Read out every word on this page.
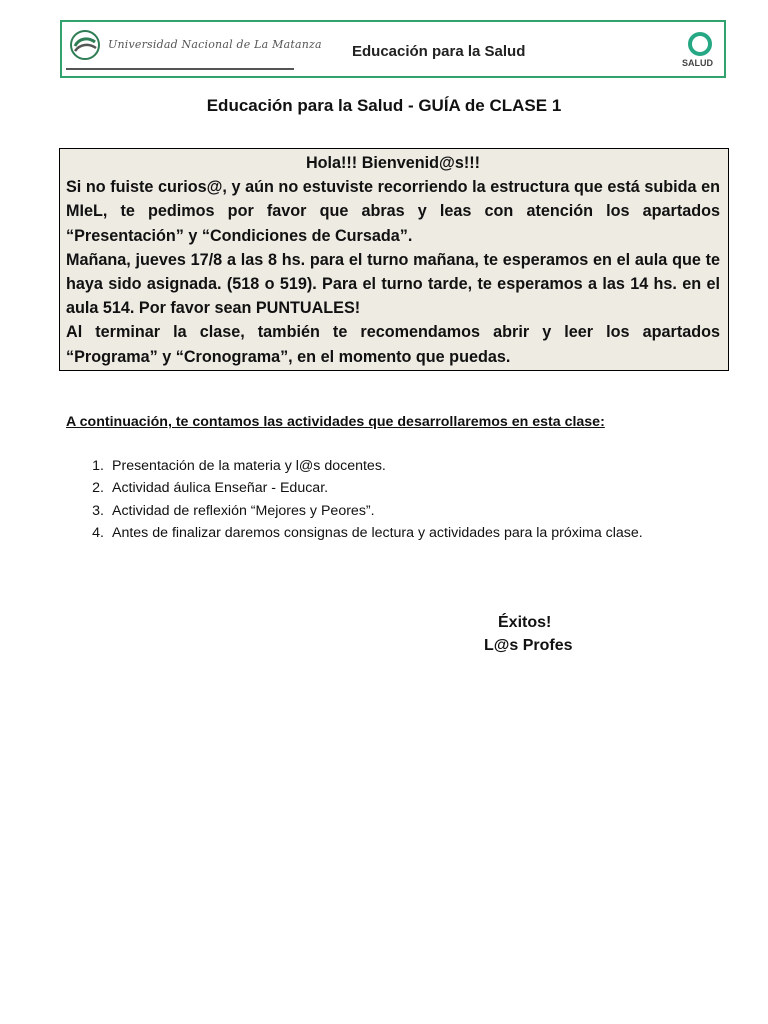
Universidad Nacional de La Matanza Educación para la Salud
SALUD
Educación para la Salud - GUÍA de CLASE 1
Hola!!! Bienvenid@s!!!

Si no fuiste curios@, y aún no estuviste recorriendo la estructura que está subida en MIeL, te pedimos por favor que abras y leas con atención los apartados “Presentación” y “Condiciones de Cursada”.

Mañana, jueves 17/8 a las 8 hs. para el turno mañana, te esperamos en el aula que te haya sido asignada. (518 o 519). Para el turno tarde, te esperamos a las 14 hs. en el aula 514. Por favor sean PUNTUALES!

Al terminar la clase, también te recomendamos abrir y leer los apartados “Programa” y “Cronograma”, en el momento que puedas.

A continuación, te contamos las actividades que desarrollaremos en esta clase:
1. Presentación de la materia y l@s docentes.
2. Actividad áulica Enseñar - Educar.
3. Actividad de reflexión “Mejores y Peores”.
4. Antes de finalizar daremos consignas de lectura y actividades para la próxima clase.
Éxitos!
L@s Profes
